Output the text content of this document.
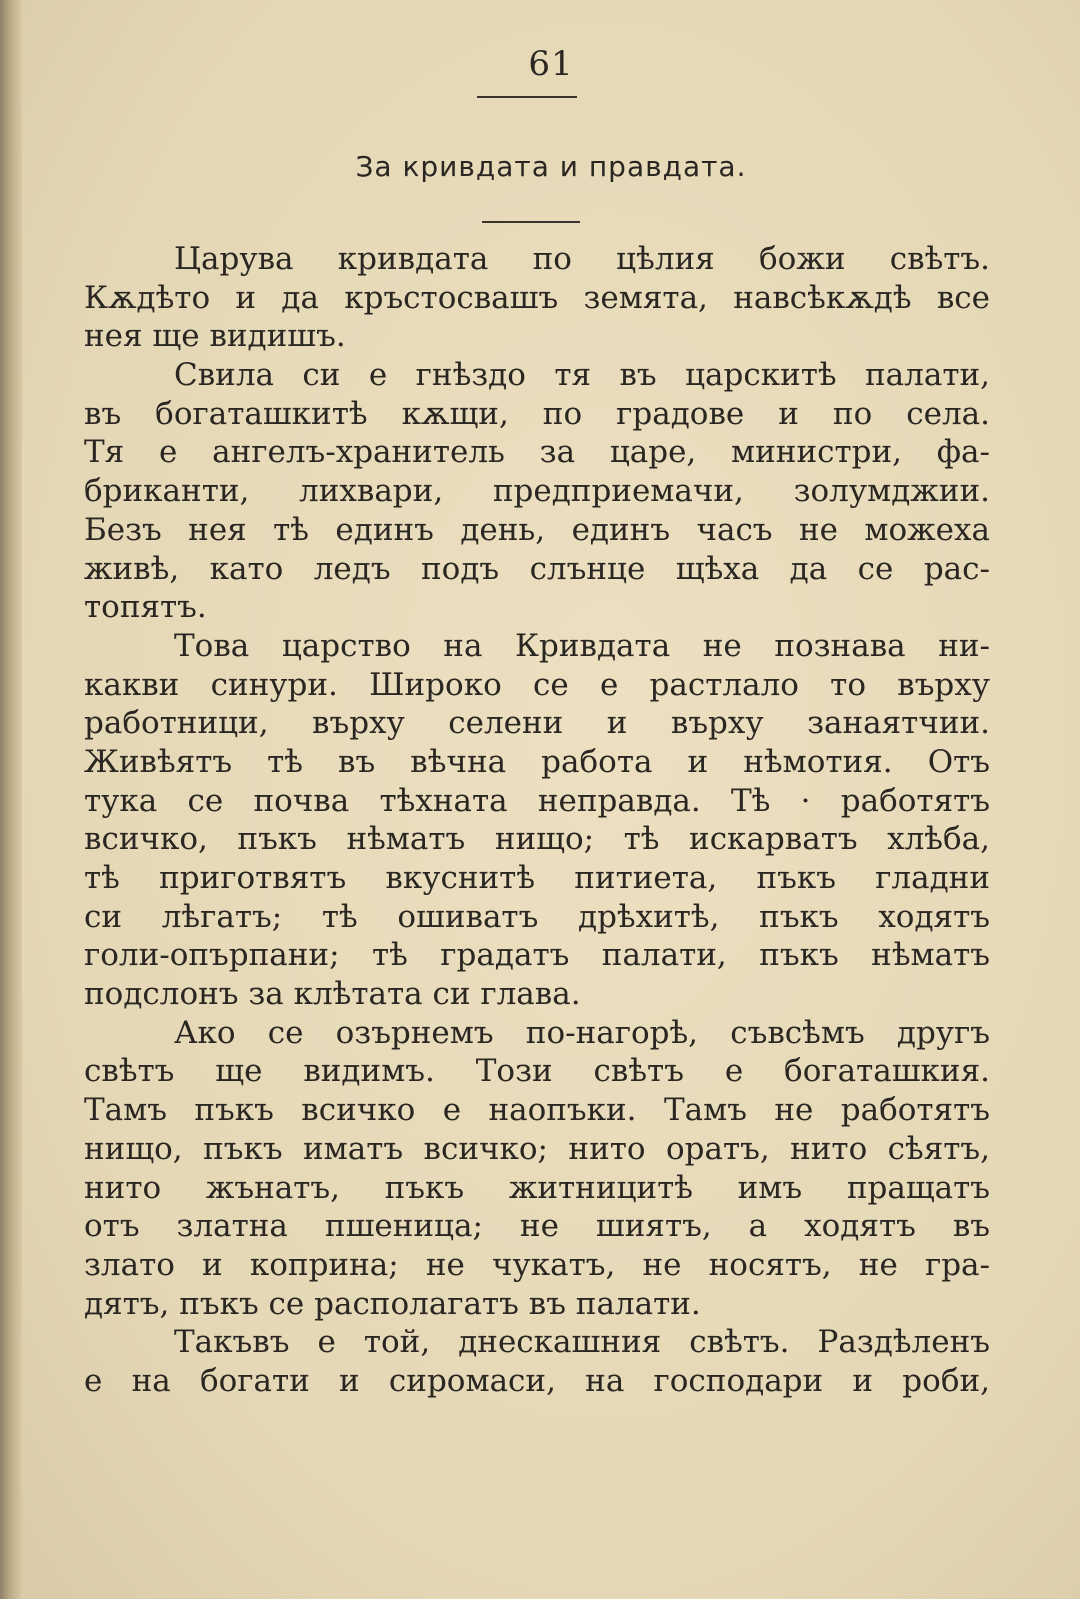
61
За кривдата и правдата.
Царува кривдата по цѣлия божи свѣтъ.
Кѫдѣто и да кръстосвашъ земята, навсѣкѫдѣ все
нея ще видишъ.
Свила си е гнѣздо тя въ царскитѣ палати,
въ богаташкитѣ кѫщи, по градове и по села.
Тя е ангелъ-хранитель за царе, министри, фа-
бриканти, лихвари, предприемачи, золумджии.
Безъ нея тѣ единъ день, единъ часъ не можеха
живѣ, като ледъ подъ слънце щѣха да се рас-
топятъ.
Това царство на Кривдата не познава ни-
какви синури. Широко се е растлало то върху
работници, върху селени и върху занаятчии.
Живѣятъ тѣ въ вѣчна работа и нѣмотия. Отъ
тука се почва тѣхната неправда. Тѣ · работятъ
всичко, пъкъ нѣматъ нищо; тѣ искарватъ хлѣба,
тѣ приготвятъ вкуснитѣ питиета, пъкъ гладни
си лѣгатъ; тѣ ошиватъ дрѣхитѣ, пъкъ ходятъ
голи-опърпани; тѣ градатъ палати, пъкъ нѣматъ
подслонъ за клѣтата си глава.
Ако се озърнемъ по-нагорѣ, съвсѣмъ другъ
свѣтъ ще видимъ. Този свѣтъ е богаташкия.
Тамъ пъкъ всичко е наопъки. Тамъ не работятъ
нищо, пъкъ иматъ всичко; нито оратъ, нито сѣятъ,
нито жънатъ, пъкъ житницитѣ имъ пращатъ
отъ златна пшеница; не шиятъ, а ходятъ въ
злато и коприна; не чукатъ, не носятъ, не гра-
дятъ, пъкъ се располагатъ въ палати.
Такъвъ е той, днескашния свѣтъ. Раздѣленъ
е на богати и сиромаси, на господари и роби,
